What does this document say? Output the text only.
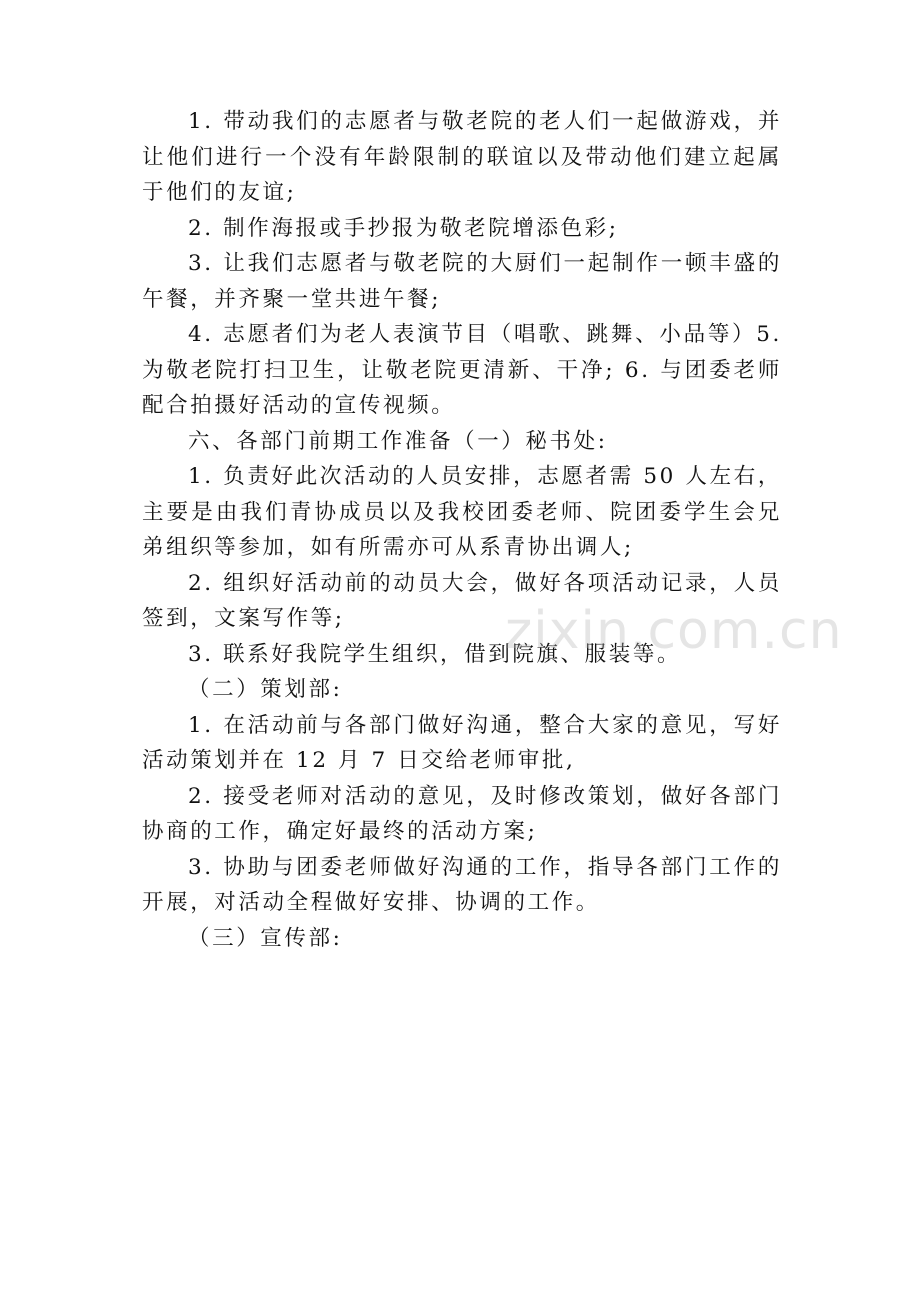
1. 带动我们的志愿者与敬老院的老人们一起做游戏，并让他们进行一个没有年龄限制的联谊以及带动他们建立起属于他们的友谊;

2. 制作海报或手抄报为敬老院增添色彩;

3. 让我们志愿者与敬老院的大厨们一起制作一顿丰盛的午餐，并齐聚一堂共进午餐;

4. 志愿者们为老人表演节目（唱歌、跳舞、小品等）5. 为敬老院打扫卫生，让敬老院更清新、干净; 6. 与团委老师配合拍摄好活动的宣传视频。

六、各部门前期工作准备（一）秘书处:

1. 负责好此次活动的人员安排，志愿者需 50 人左右，主要是由我们青协成员以及我校团委老师、院团委学生会兄弟组织等参加，如有所需亦可从系青协出调人;

2. 组织好活动前的动员大会，做好各项活动记录，人员签到，文案写作等;

3. 联系好我院学生组织，借到院旗、服装等。

（二）策划部:

1. 在活动前与各部门做好沟通，整合大家的意见，写好活动策划并在 12 月 7 日交给老师审批,

2. 接受老师对活动的意见，及时修改策划，做好各部门协商的工作，确定好最终的活动方案;

3. 协助与团委老师做好沟通的工作，指导各部门工作的开展，对活动全程做好安排、协调的工作。

（三）宣传部:

zixin.com.cn
